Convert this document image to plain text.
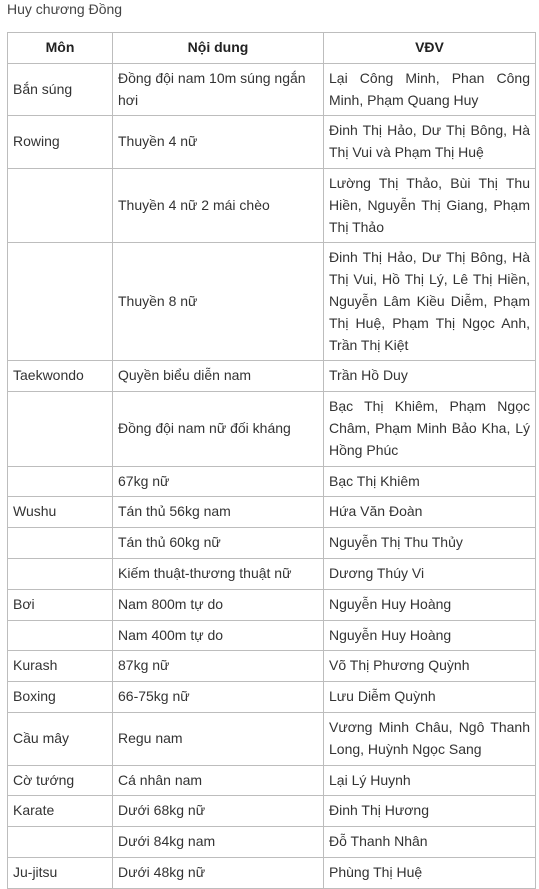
Huy chương Đồng
Môn	Nội dung	VĐV
Bắn súng	Đồng đội nam 10m súng ngắn hơi	Lại Công Minh, Phan Công Minh, Phạm Quang Huy
Rowing	Thuyền 4 nữ	Đinh Thị Hảo, Dư Thị Bông, Hà Thị Vui và Phạm Thị Huệ
	Thuyền 4 nữ 2 mái chèo	Lường Thị Thảo, Bùi Thị Thu Hiền, Nguyễn Thị Giang, Phạm Thị Thảo
	Thuyền 8 nữ	Đinh Thị Hảo, Dư Thị Bông, Hà Thị Vui, Hồ Thị Lý, Lê Thị Hiền, Nguyễn Lâm Kiều Diễm, Phạm Thị Huệ, Phạm Thị Ngọc Anh, Trần Thị Kiệt
Taekwondo	Quyền biểu diễn nam	Trần Hồ Duy
	Đồng đội nam nữ đối kháng	Bạc Thị Khiêm, Phạm Ngọc Châm, Phạm Minh Bảo Kha, Lý Hồng Phúc
	67kg nữ	Bạc Thị Khiêm
Wushu	Tán thủ 56kg nam	Hứa Văn Đoàn
	Tán thủ 60kg nữ	Nguyễn Thị Thu Thủy
	Kiếm thuật-thương thuật nữ	Dương Thúy Vi
Bơi	Nam 800m tự do	Nguyễn Huy Hoàng
	Nam 400m tự do	Nguyễn Huy Hoàng
Kurash	87kg nữ	Võ Thị Phương Quỳnh
Boxing	66-75kg nữ	Lưu Diễm Quỳnh
Cầu mây	Regu nam	Vương Minh Châu, Ngô Thanh Long, Huỳnh Ngọc Sang
Cờ tướng	Cá nhân nam	Lại Lý Huynh
Karate	Dưới 68kg nữ	Đinh Thị Hương
	Dưới 84kg nam	Đỗ Thanh Nhân
Ju-jitsu	Dưới 48kg nữ	Phùng Thị Huệ
